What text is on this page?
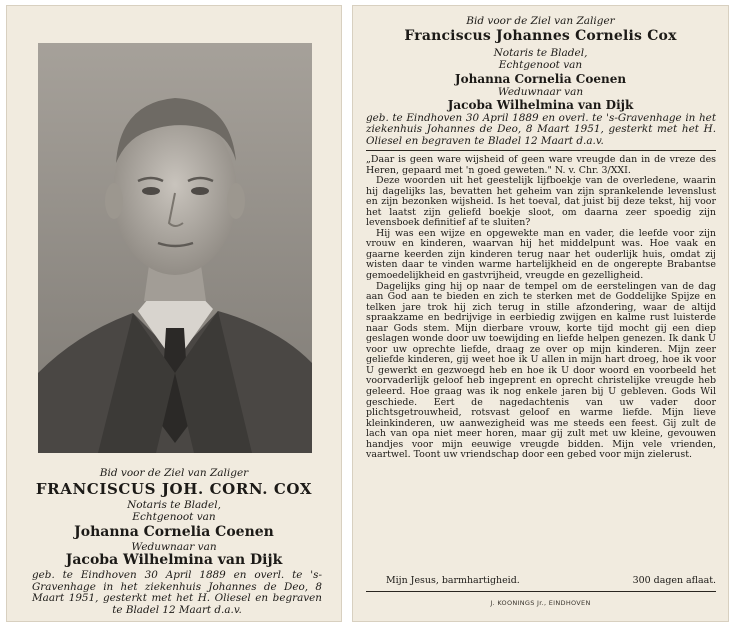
Bid voor de Ziel van Zaliger
FRANCISCUS JOH. CORN. COX
Notaris te Bladel,
Echtgenoot van
Johanna Cornelia Coenen
Weduwnaar van
Jacoba Wilhelmina van Dijk

geb. te Eindhoven 30 April 1889 en overl. te 's-Gravenhage in het ziekenhuis Johannes de Deo, 8 Maart 1951, gesterkt met het H. Oliesel en begraven te Bladel 12 Maart d.a.v.

Bid voor de Ziel van Zaliger
Franciscus Johannes Cornelis Cox
Notaris te Bladel,
Echtgenoot van
Johanna Cornelia Coenen
Weduwnaar van
Jacoba Wilhelmina van Dijk

geb. te Eindhoven 30 April 1889 en overl. te 's-Gravenhage in het ziekenhuis Johannes de Deo, 8 Maart 1951, gesterkt met het H. Oliesel en begraven te Bladel 12 Maart d.a.v.

„Daar is geen ware wijsheid of geen ware vreugde dan in de vreze des Heren, gepaard met 'n goed geweten." N. v. Chr. 3/XXI.

Deze woorden uit het geestelijk lijfboekje van de overledene, waarin hij dagelijks las, bevatten het geheim van zijn sprankelende levenslust en zijn bezonken wijsheid. Is het toeval, dat juist bij deze tekst, hij voor het laatst zijn geliefd boekje sloot, om daarna zeer spoedig zijn levensboek definitief af te sluiten?

Hij was een wijze en opgewekte man en vader, die leefde voor zijn vrouw en kinderen, waarvan hij het middelpunt was. Hoe vaak en gaarne keerden zijn kinderen terug naar het ouderlijk huis, omdat zij wisten daar te vinden warme hartelijkheid en de ongerepte Brabantse gemoedelijkheid en gastvrijheid, vreugde en gezelligheid.

Dagelijks ging hij op naar de tempel om de eerstelingen van de dag aan God aan te bieden en zich te sterken met de Goddelijke Spijze en telken jare trok hij zich terug in stille afzondering, waar de altijd spraakzame en bedrijvige in eerbiedig zwijgen en kalme rust luisterde naar Gods stem. Mijn dierbare vrouw, korte tijd mocht gij een diep geslagen wonde door uw toewijding en liefde helpen genezen. Ik dank U voor uw oprechte liefde, draag ze over op mijn kinderen. Mijn zeer geliefde kinderen, gij weet hoe ik U allen in mijn hart droeg, hoe ik voor U gewerkt en gezwoegd heb en hoe ik U door woord en voorbeeld het voorvaderlijk geloof heb ingeprent en oprecht christelijke vreugde heb geleerd. Hoe graag was ik nog enkele jaren bij U gebleven. Gods Wil geschiede. Eert de nagedachtenis van uw vader door plichtsgetrouwheid, rotsvast geloof en warme liefde. Mijn lieve kleinkinderen, uw aanwezigheid was me steeds een feest. Gij zult de lach van opa niet meer horen, maar gij zult met uw kleine, gevouwen handjes voor mijn eeuwige vreugde bidden. Mijn vele vrienden, vaartwel. Toont uw vriendschap door een gebed voor mijn zielerust.

Mijn Jesus, barmhartigheid.	300 dagen aflaat.
J. KOONINGS Jr., EINDHOVEN
